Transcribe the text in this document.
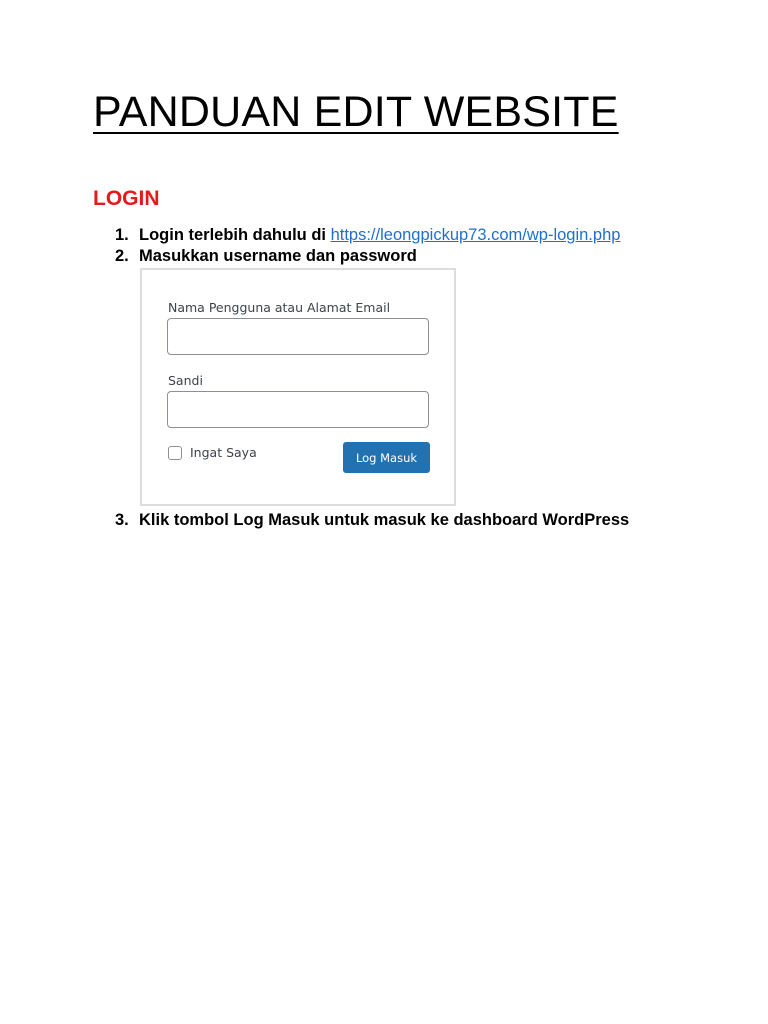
PANDUAN EDIT WEBSITE
LOGIN
1. Login terlebih dahulu di https://leongpickup73.com/wp-login.php
2. Masukkan username dan password
Nama Pengguna atau Alamat Email
Sandi
Ingat Saya	Log Masuk
3. Klik tombol Log Masuk untuk masuk ke dashboard WordPress
